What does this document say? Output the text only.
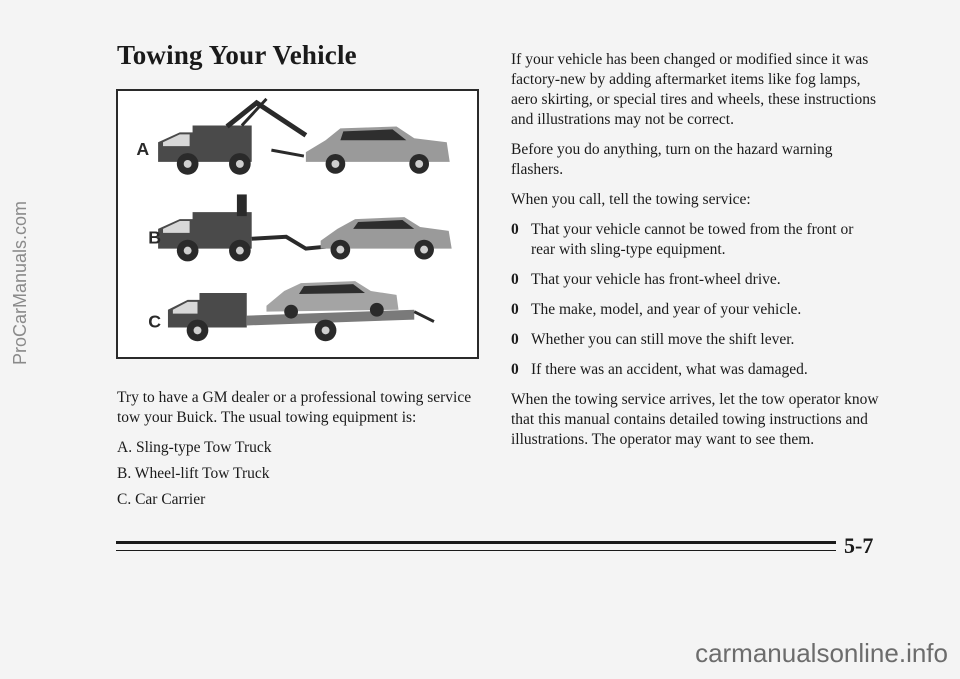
Towing Your Vehicle
A
B
C

Try to have a GM dealer or a professional towing service tow your Buick. The usual towing equipment is:

A. Sling-type Tow Truck
B. Wheel-lift Tow Truck
C. Car Carrier

If your vehicle has been changed or modified since it was factory-new by adding aftermarket items like fog lamps, aero skirting, or special tires and wheels, these instructions and illustrations may not be correct.

Before you do anything, turn on the hazard warning flashers.

When you call, tell the towing service:

0 That your vehicle cannot be towed from the front or rear with sling-type equipment.
0 That your vehicle has front-wheel drive.
0 The make, model, and year of your vehicle.
0 Whether you can still move the shift lever.
0 If there was an accident, what was damaged.

When the towing service arrives, let the tow operator know that this manual contains detailed towing instructions and illustrations. The operator may want to see them.

ProCarManuals.com
5-7
carmanualsonline.info
